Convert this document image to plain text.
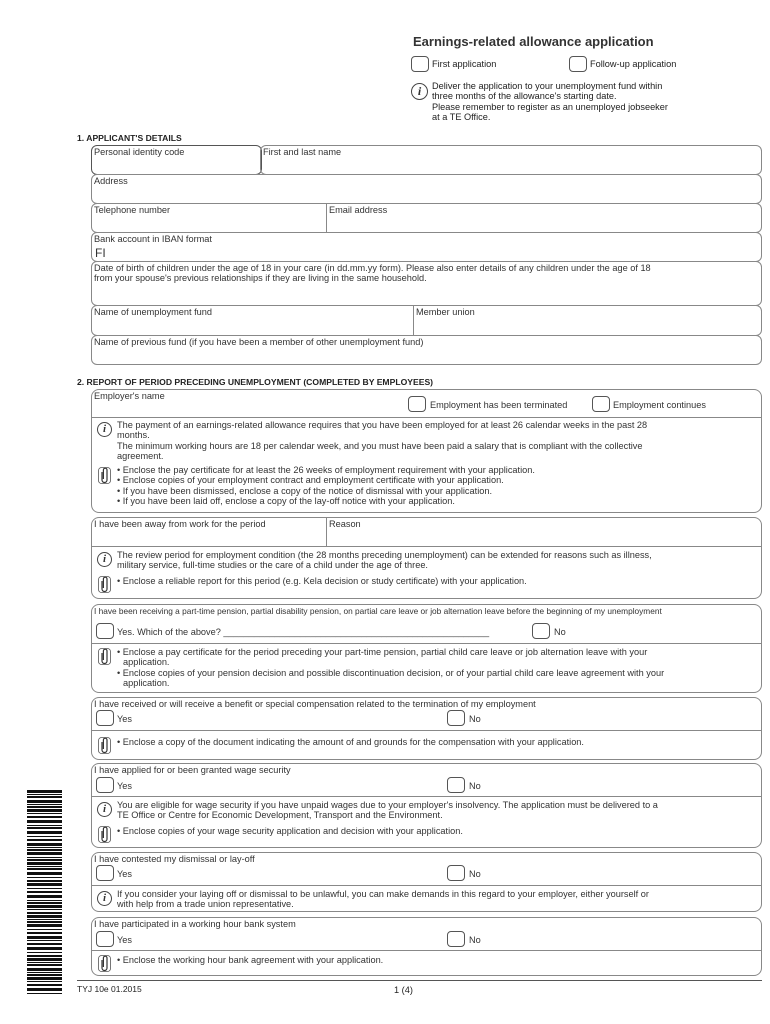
Earnings-related allowance application
First application	Follow-up application
i	Deliver the application to your unemployment fund within
three months of the allowance's starting date.
Please remember to register as an unemployed jobseeker
at a TE Office.
1. APPLICANT'S DETAILS
Personal identity code	First and last name
Address
Telephone number	Email address
Bank account in IBAN format
FI
Date of birth of children under the age of 18 in your care (in dd.mm.yy form). Please also enter details of any children under the age of 18
from your spouse's previous relationships if they are living in the same household.
Name of unemployment fund	Member union
Name of previous fund (if you have been a member of other unemployment fund)
2. REPORT OF PERIOD PRECEDING UNEMPLOYMENT (COMPLETED BY EMPLOYEES)
Employer's name
Employment has been terminated	Employment continues
i	The payment of an earnings-related allowance requires that you have been employed for at least 26 calendar weeks in the past 28
months.
The minimum working hours are 18 per calendar week, and you must have been paid a salary that is compliant with the collective
agreement.
• Enclose the pay certificate for at least the 26 weeks of employment requirement with your application.
• Enclose copies of your employment contract and employment certificate with your application.
• If you have been dismissed, enclose a copy of the notice of dismissal with your application.
• If you have been laid off, enclose a copy of the lay-off notice with your application.
I have been away from work for the period	Reason
i	The review period for employment condition (the 28 months preceding unemployment) can be extended for reasons such as illness,
military service, full-time studies or the care of a child under the age of three.
• Enclose a reliable report for this period (e.g. Kela decision or study certificate) with your application.
I have been receiving a part-time pension, partial disability pension, on partial care leave or job alternation leave before the beginning of my unemployment
Yes. Which of the above? ____________________________________________________	No
• Enclose a pay certificate for the period preceding your part-time pension, partial child care leave or job alternation leave with your
application.
• Enclose copies of your pension decision and possible discontinuation decision, or of your partial child care leave agreement with your
application.
I have received or will receive a benefit or special compensation related to the termination of my employment
Yes	No
• Enclose a copy of the document indicating the amount of and grounds for the compensation with your application.
I have applied for or been granted wage security
Yes	No
i	You are eligible for wage security if you have unpaid wages due to your employer's insolvency. The application must be delivered to a
TE Office or Centre for Economic Development, Transport and the Environment.
• Enclose copies of your wage security application and decision with your application.
I have contested my dismissal or lay-off
Yes	No
i	If you consider your laying off or dismissal to be unlawful, you can make demands in this regard to your employer, either yourself or
with help from a trade union representative.
I have participated in a working hour bank system
Yes	No
• Enclose the working hour bank agreement with your application.
TYJ 10e 01.2015	1 (4)
